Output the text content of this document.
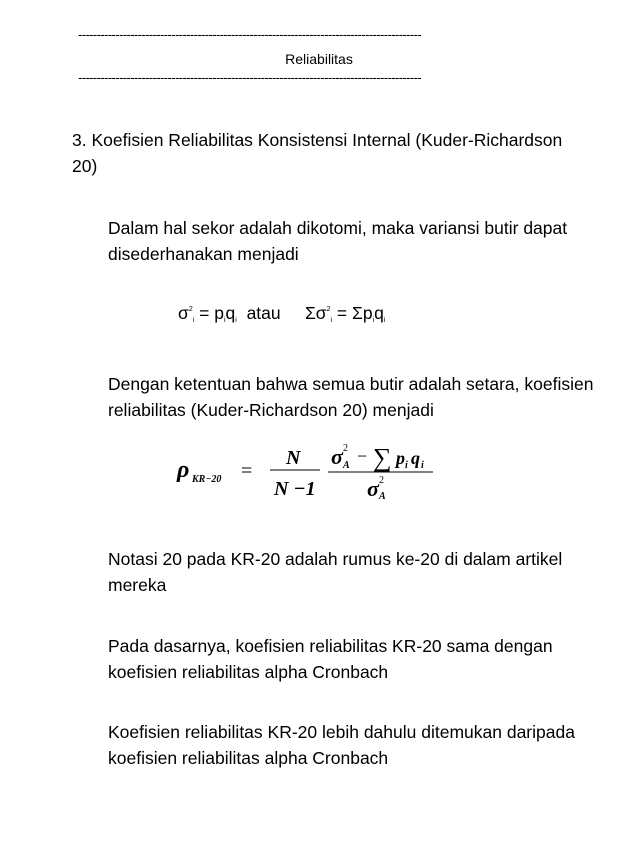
--------------------------------------------------------------------------------------------
Reliabilitas
--------------------------------------------------------------------------------------------
3. Koefisien Reliabilitas Konsistensi Internal (Kuder-Richardson 20)
Dalam hal sekor adalah dikotomi, maka variansi butir dapat disederhanakan menjadi
$\sigma^2_i = p_iq_i$ atau $\Sigma\sigma^2_i = \Sigma p_iq_i$
Dengan ketentuan bahwa semua butir adalah setara, koefisien reliabilitas (Kuder-Richardson 20) menjadi
ρ KR−20 =
N
N −1
σ 2
A − ∑ p i q i
σ 2
A
Notasi 20 pada KR-20 adalah rumus ke-20 di dalam artikel mereka
Pada dasarnya, koefisien reliabilitas KR-20 sama dengan koefisien reliabilitas alpha Cronbach
Koefisien reliabilitas KR-20 lebih dahulu ditemukan daripada koefisien reliabilitas alpha Cronbach
